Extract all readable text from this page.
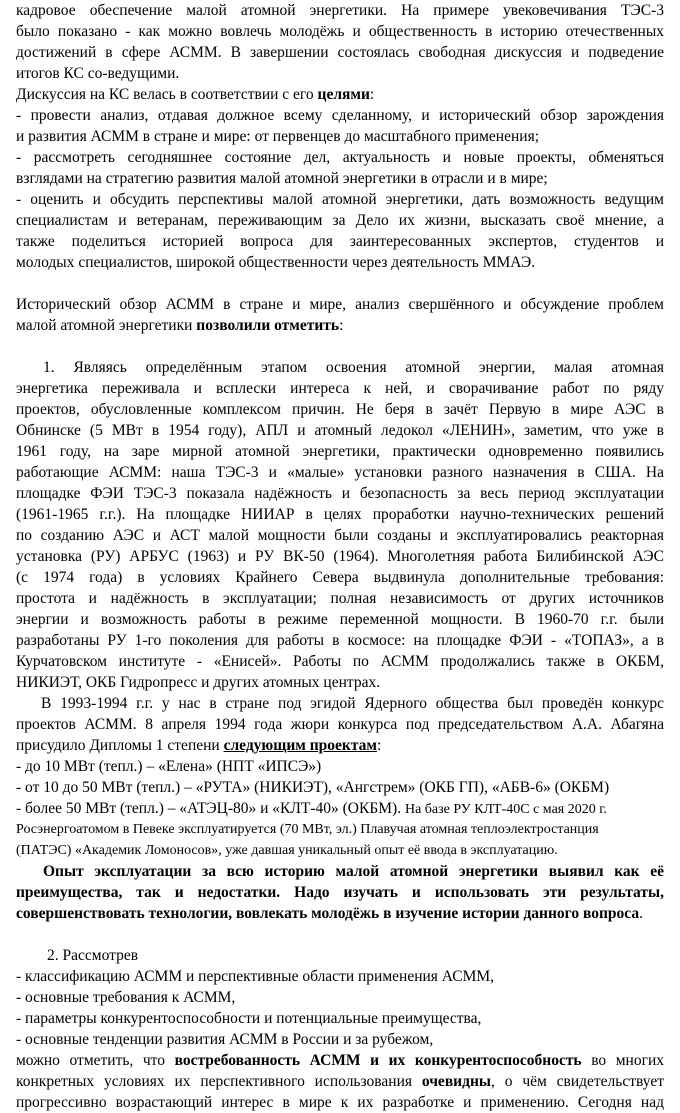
кадровое обеспечение малой атомной энергетики. На примере увековечивания ТЭС-3
было показано - как можно вовлечь молодёжь и общественность в историю отечественных
достижений в сфере АСММ. В завершении состоялась свободная дискуссия и подведение
итогов КС со-ведущими.
Дискуссия на КС велась в соответствии с его целями:
- провести анализ, отдавая должное всему сделанному, и исторический обзор зарождения
и развития АСММ в стране и мире: от первенцев до масштабного применения;
- рассмотреть сегодняшнее состояние дел, актуальность и новые проекты, обменяться
взглядами на стратегию развития малой атомной энергетики в отрасли и в мире;
- оценить и обсудить перспективы малой атомной энергетики, дать возможность ведущим
специалистам и ветеранам, переживающим за Дело их жизни, высказать своё мнение, а
также поделиться историей вопроса для заинтересованных экспертов, студентов и
молодых специалистов, широкой общественности через деятельность ММАЭ.
Исторический обзор АСММ в стране и мире, анализ свершённого и обсуждение проблем
малой атомной энергетики позволили отметить:
1. Являясь определённым этапом освоения атомной энергии, малая атомная
энергетика переживала и всплески интереса к ней, и сворачивание работ по ряду
проектов, обусловленные комплексом причин. Не беря в зачёт Первую в мире АЭС в
Обнинске (5 МВт в 1954 году), АПЛ и атомный ледокол «ЛЕНИН», заметим, что уже в
1961 году, на заре мирной атомной энергетики, практически одновременно появились
работающие АСММ: наша ТЭС-3 и «малые» установки разного назначения в США. На
площадке ФЭИ ТЭС-3 показала надёжность и безопасность за весь период эксплуатации
(1961-1965 г.г.). На площадке НИИАР в целях проработки научно-технических решений
по созданию АЭС и АСТ малой мощности были созданы и эксплуатировались реакторная
установка (РУ) АРБУС (1963) и РУ ВК-50 (1964). Многолетняя работа Билибинской АЭС
(с 1974 года) в условиях Крайнего Севера выдвинула дополнительные требования:
простота и надёжность в эксплуатации; полная независимость от других источников
энергии и возможность работы в режиме переменной мощности. В 1960-70 г.г. были
разработаны РУ 1-го поколения для работы в космосе: на площадке ФЭИ - «ТОПАЗ», а в
Курчатовском институте - «Енисей». Работы по АСММ продолжались также в ОКБМ,
НИКИЭТ, ОКБ Гидропресс и других атомных центрах.
В 1993-1994 г.г. у нас в стране под эгидой Ядерного общества был проведён конкурс
проектов АСММ. 8 апреля 1994 года жюри конкурса под председательством А.А. Абагяна
присудило Дипломы 1 степени следующим проектам:
- до 10 МВт (тепл.) – «Елена» (НПТ «ИПСЭ»)
- от 10 до 50 МВт (тепл.) – «РУТА» (НИКИЭТ), «Ангстрем» (ОКБ ГП), «АБВ-6» (ОКБМ)
- более 50 МВт (тепл.) – «АТЭЦ-80» и «КЛТ-40» (ОКБМ). На базе РУ КЛТ-40С с мая 2020 г.
Росэнергоатомом в Певеке эксплуатируется (70 МВт, эл.) Плавучая атомная теплоэлектростанция
(ПАТЭС) «Академик Ломоносов», уже давшая уникальный опыт её ввода в эксплуатацию.
Опыт эксплуатации за всю историю малой атомной энергетики выявил как её
преимущества, так и недостатки. Надо изучать и использовать эти результаты,
совершенствовать технологии, вовлекать молодёжь в изучение истории данного вопроса.
2. Рассмотрев
- классификацию АСММ и перспективные области применения АСММ,
- основные требования к АСММ,
- параметры конкурентоспособности и потенциальные преимущества,
- основные тенденции развития АСММ в России и за рубежом,
можно отметить, что востребованность АСММ и их конкурентоспособность во многих
конкретных условиях их перспективного использования очевидны, о чём свидетельствует
прогрессивно возрастающий интерес в мире к их разработке и применению. Сегодня над
